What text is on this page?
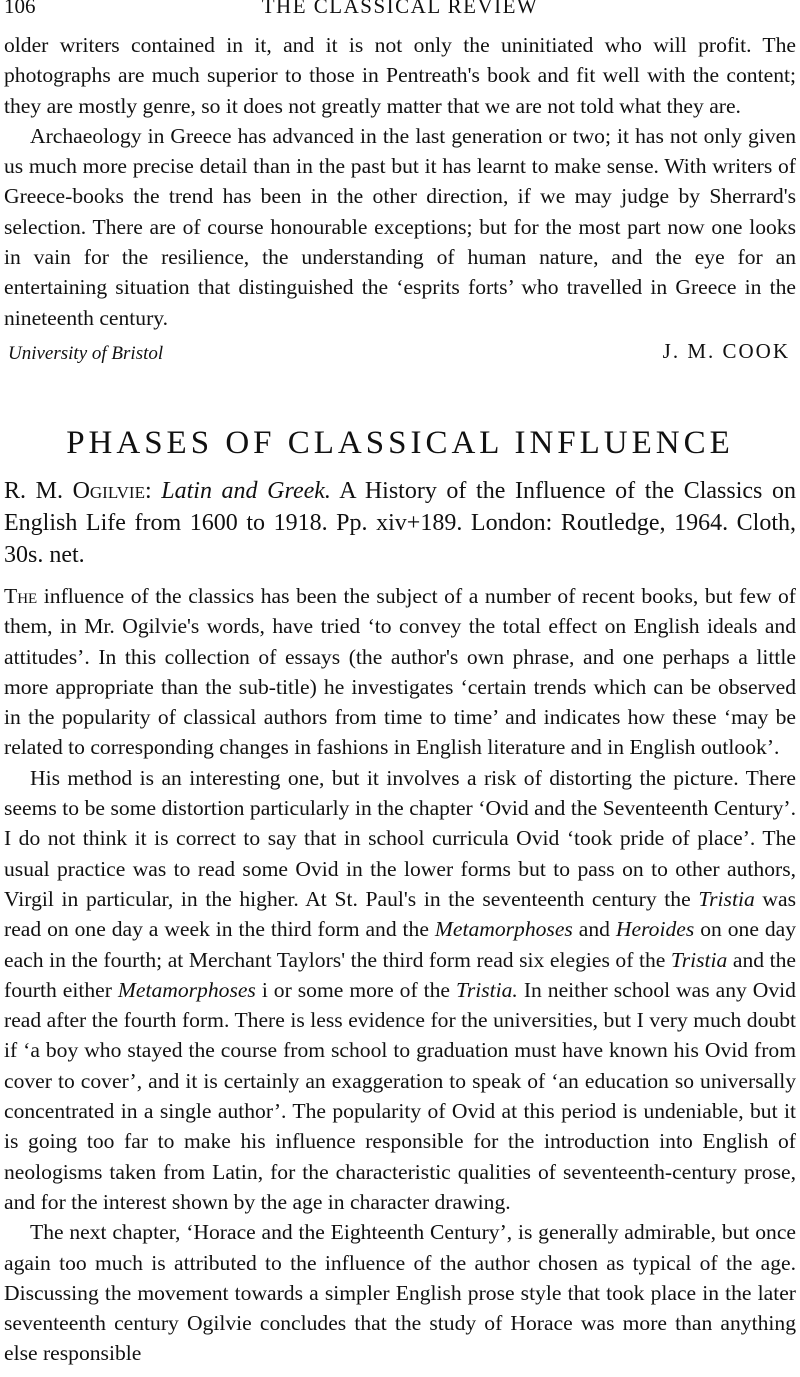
106	THE CLASSICAL REVIEW

older writers contained in it, and it is not only the uninitiated who will profit. The photographs are much superior to those in Pentreath's book and fit well with the content; they are mostly genre, so it does not greatly matter that we are not told what they are.

Archaeology in Greece has advanced in the last generation or two; it has not only given us much more precise detail than in the past but it has learnt to make sense. With writers of Greece-books the trend has been in the other direction, if we may judge by Sherrard's selection. There are of course honourable exceptions; but for the most part now one looks in vain for the resilience, the understanding of human nature, and the eye for an entertaining situation that distinguished the ‘esprits forts’ who travelled in Greece in the nineteenth century.

University of Bristol	J. M. COOK
PHASES OF CLASSICAL INFLUENCE
R. M. Ogilvie: Latin and Greek. A History of the Influence of the Classics on English Life from 1600 to 1918. Pp. xiv+189. London: Routledge, 1964. Cloth, 30s. net.

The influence of the classics has been the subject of a number of recent books, but few of them, in Mr. Ogilvie's words, have tried ‘to convey the total effect on English ideals and attitudes’. In this collection of essays (the author's own phrase, and one perhaps a little more appropriate than the sub-title) he investigates ‘certain trends which can be observed in the popularity of classical authors from time to time’ and indicates how these ‘may be related to corresponding changes in fashions in English literature and in English outlook’.

His method is an interesting one, but it involves a risk of distorting the picture. There seems to be some distortion particularly in the chapter ‘Ovid and the Seventeenth Century’. I do not think it is correct to say that in school curricula Ovid ‘took pride of place’. The usual practice was to read some Ovid in the lower forms but to pass on to other authors, Virgil in particular, in the higher. At St. Paul's in the seventeenth century the Tristia was read on one day a week in the third form and the Metamorphoses and Heroides on one day each in the fourth; at Merchant Taylors' the third form read six elegies of the Tristia and the fourth either Metamorphoses i or some more of the Tristia. In neither school was any Ovid read after the fourth form. There is less evidence for the universities, but I very much doubt if ‘a boy who stayed the course from school to graduation must have known his Ovid from cover to cover’, and it is certainly an exaggeration to speak of ‘an education so universally concentrated in a single author’. The popularity of Ovid at this period is undeniable, but it is going too far to make his influence responsible for the introduction into English of neologisms taken from Latin, for the characteristic qualities of seventeenth-century prose, and for the interest shown by the age in character drawing.

The next chapter, ‘Horace and the Eighteenth Century’, is generally admirable, but once again too much is attributed to the influence of the author chosen as typical of the age. Discussing the movement towards a simpler English prose style that took place in the later seventeenth century Ogilvie concludes that the study of Horace was more than anything else responsible
